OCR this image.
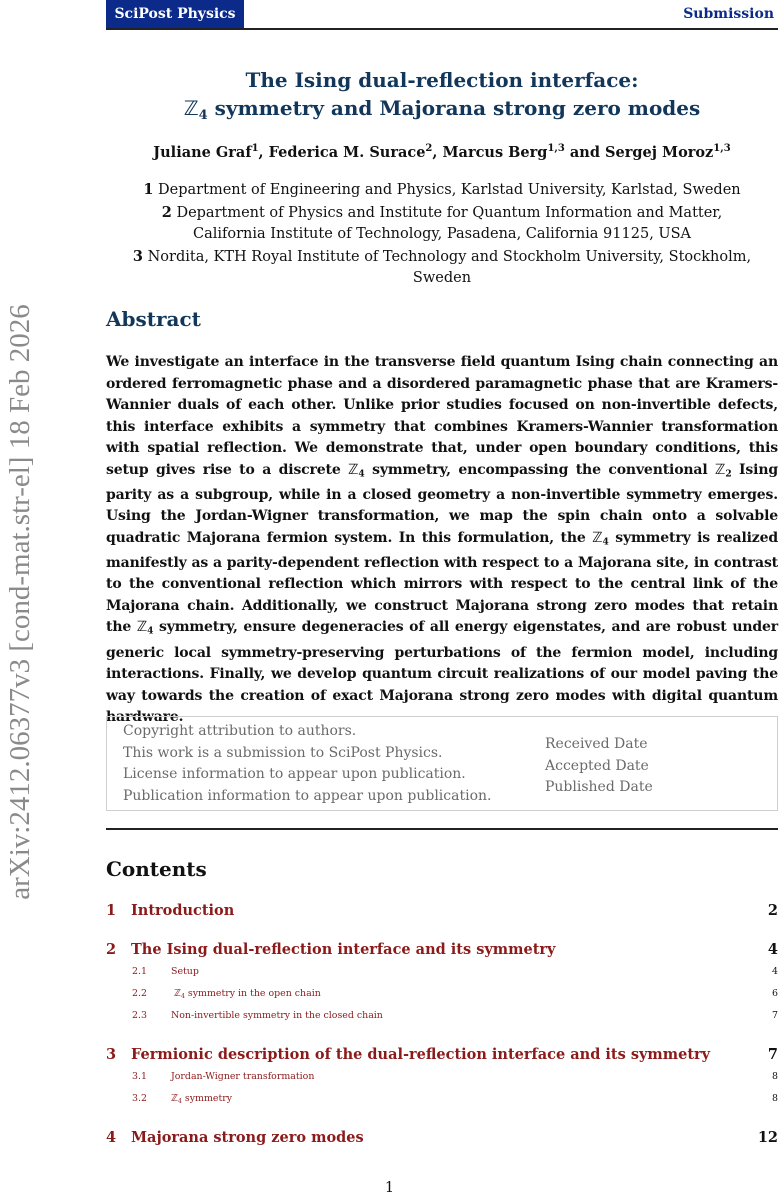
SciPost Physics	Submission
arXiv:2412.06377v3 [cond-mat.str-el] 18 Feb 2026
The Ising dual-reflection interface:
ℤ$_4$ symmetry and Majorana strong zero modes
Juliane Graf$^1$, Federica M. Surace$^2$, Marcus Berg$^{1,3}$ and Sergej Moroz$^{1,3}$
1 Department of Engineering and Physics, Karlstad University, Karlstad, Sweden
2 Department of Physics and Institute for Quantum Information and Matter, California Institute of Technology, Pasadena, California 91125, USA
3 Nordita, KTH Royal Institute of Technology and Stockholm University, Stockholm, Sweden
Abstract
We investigate an interface in the transverse field quantum Ising chain connecting an ordered ferromagnetic phase and a disordered paramagnetic phase that are Kramers-Wannier duals of each other. Unlike prior studies focused on non-invertible defects, this interface exhibits a symmetry that combines Kramers-Wannier transformation with spatial reflection. We demonstrate that, under open boundary conditions, this setup gives rise to a discrete ℤ$_4$ symmetry, encompassing the conventional ℤ$_2$ Ising parity as a subgroup, while in a closed geometry a non-invertible symmetry emerges. Using the Jordan-Wigner transformation, we map the spin chain onto a solvable quadratic Majorana fermion system. In this formulation, the ℤ$_4$ symmetry is realized manifestly as a parity-dependent reflection with respect to a Majorana site, in contrast to the conventional reflection which mirrors with respect to the central link of the Majorana chain. Additionally, we construct Majorana strong zero modes that retain the ℤ$_4$ symmetry, ensure degeneracies of all energy eigenstates, and are robust under generic local symmetry-preserving perturbations of the fermion model, including interactions. Finally, we develop quantum circuit realizations of our model paving the way towards the creation of exact Majorana strong zero modes with digital quantum hardware.
Copyright attribution to authors.
This work is a submission to SciPost Physics.
License information to appear upon publication.
Publication information to appear upon publication.
Received Date
Accepted Date
Published Date
Contents
1 Introduction	2
2 The Ising dual-reflection interface and its symmetry	4
2.1	Setup	4
2.2	ℤ$_4$ symmetry in the open chain	6
2.3	Non-invertible symmetry in the closed chain	7
3 Fermionic description of the dual-reflection interface and its symmetry	7
3.1	Jordan-Wigner transformation	8
3.2	ℤ$_4$ symmetry	8
4 Majorana strong zero modes	12
1
